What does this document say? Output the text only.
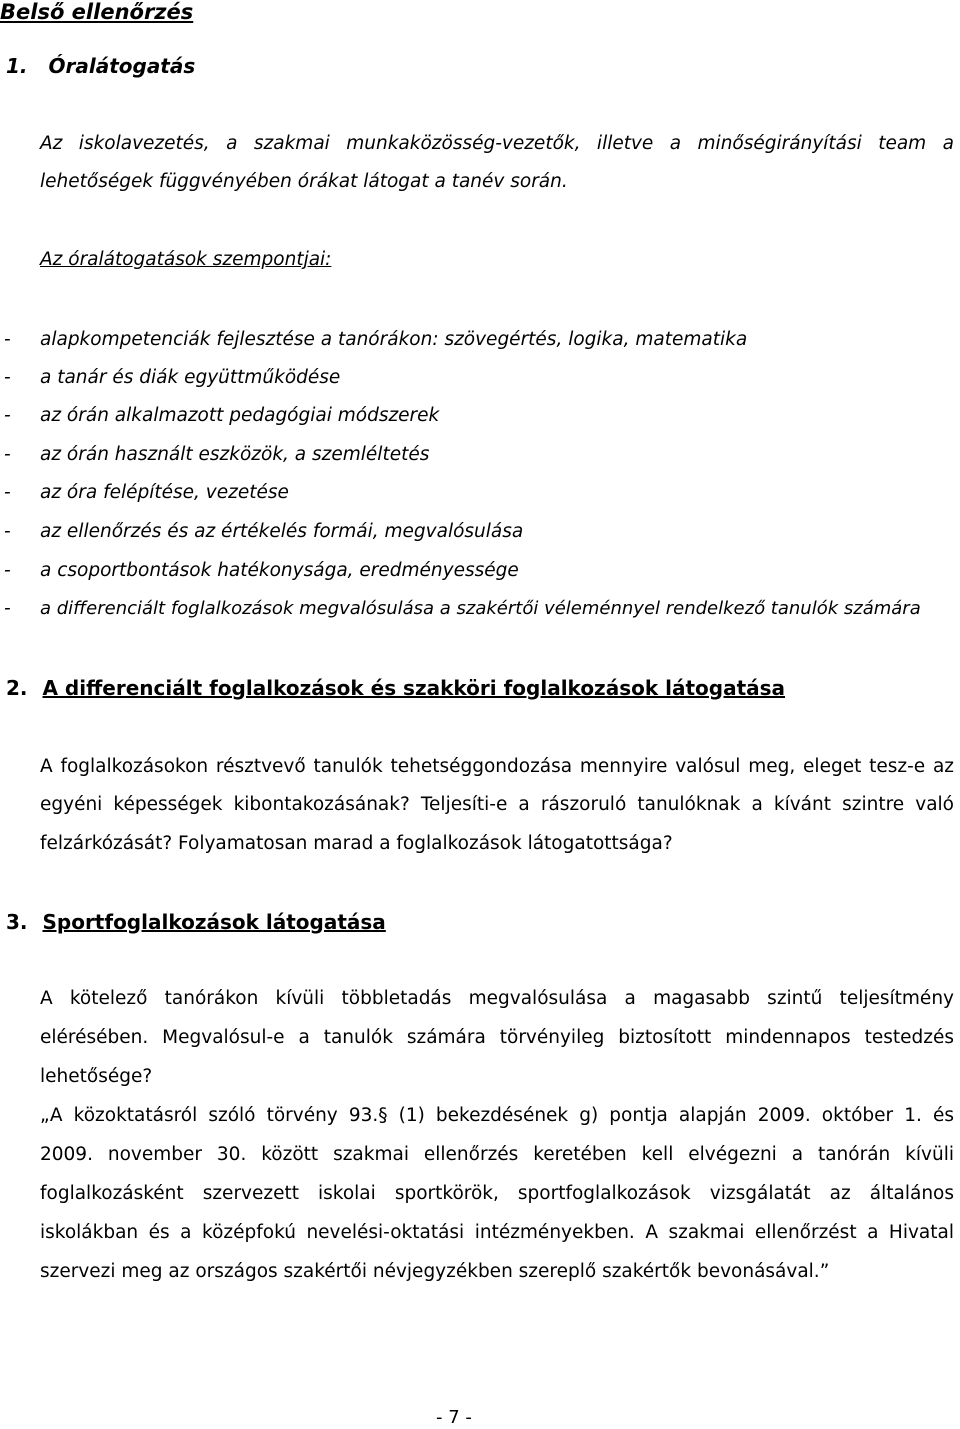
Belső ellenőrzés
1. Óralátogatás
Az iskolavezetés, a szakmai munkaközösség-vezetők, illetve a minőségirányítási team a
lehetőségek függvényében órákat látogat a tanév során.
Az óralátogatások szempontjai:
- alapkompetenciák fejlesztése a tanórákon: szövegértés, logika, matematika
- a tanár és diák együttműködése
- az órán alkalmazott pedagógiai módszerek
- az órán használt eszközök, a szemléltetés
- az óra felépítése, vezetése
- az ellenőrzés és az értékelés formái, megvalósulása
- a csoportbontások hatékonysága, eredményessége
- a differenciált foglalkozások megvalósulása a szakértői véleménnyel rendelkező tanulók számára
2. A differenciált foglalkozások és szakköri foglalkozások látogatása
A foglalkozásokon résztvevő tanulók tehetséggondozása mennyire valósul meg, eleget tesz-e az
egyéni képességek kibontakozásának? Teljesíti-e a rászoruló tanulóknak a kívánt szintre való
felzárkózását? Folyamatosan marad a foglalkozások látogatottsága?
3. Sportfoglalkozások látogatása
A kötelező tanórákon kívüli többletadás megvalósulása a magasabb szintű teljesítmény
elérésében. Megvalósul-e a tanulók számára törvényileg biztosított mindennapos testedzés
lehetősége?
„A közoktatásról szóló törvény 93.§ (1) bekezdésének g) pontja alapján 2009. október 1. és
2009. november 30. között szakmai ellenőrzés keretében kell elvégezni a tanórán kívüli
foglalkozásként szervezett iskolai sportkörök, sportfoglalkozások vizsgálatát az általános
iskolákban és a középfokú nevelési-oktatási intézményekben. A szakmai ellenőrzést a Hivatal
szervezi meg az országos szakértői névjegyzékben szereplő szakértők bevonásával.”
- 7 -
